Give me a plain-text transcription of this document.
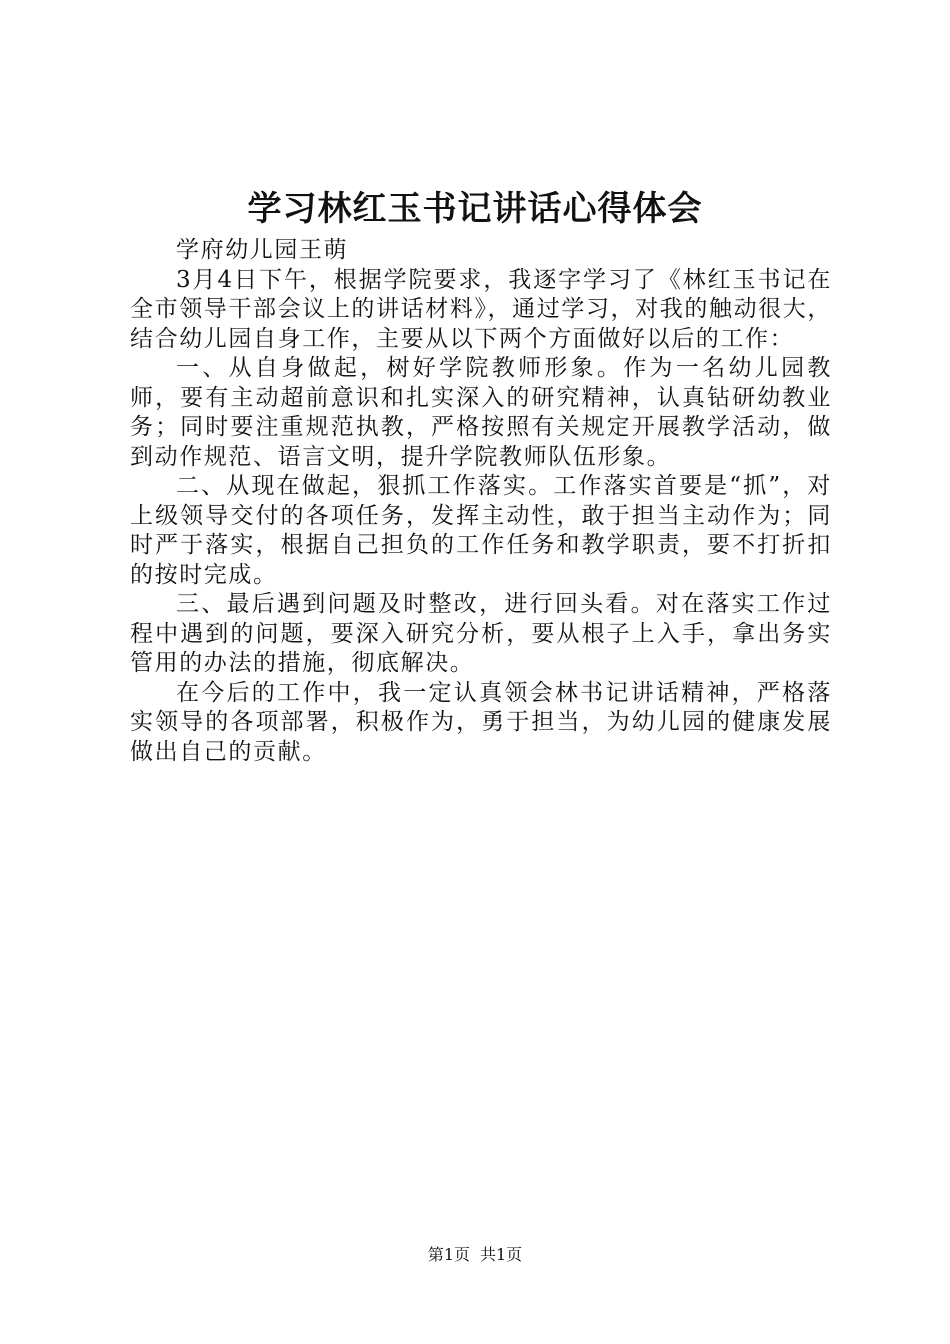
学习林红玉书记讲话心得体会

学府幼儿园王萌

3月4日下午，根据学院要求，我逐字学习了《林红玉书记在全市领导干部会议上的讲话材料》，通过学习，对我的触动很大，结合幼儿园自身工作，主要从以下两个方面做好以后的工作：

一、从自身做起，树好学院教师形象。作为一名幼儿园教师，要有主动超前意识和扎实深入的研究精神，认真钻研幼教业务；同时要注重规范执教，严格按照有关规定开展教学活动，做到动作规范、语言文明，提升学院教师队伍形象。

二、从现在做起，狠抓工作落实。工作落实首要是“抓”，对上级领导交付的各项任务，发挥主动性，敢于担当主动作为；同时严于落实，根据自己担负的工作任务和教学职责，要不打折扣的按时完成。

三、最后遇到问题及时整改，进行回头看。对在落实工作过程中遇到的问题，要深入研究分析，要从根子上入手，拿出务实管用的办法的措施，彻底解决。

在今后的工作中，我一定认真领会林书记讲话精神，严格落实领导的各项部署，积极作为，勇于担当，为幼儿园的健康发展做出自己的贡献。

第1页 共1页
